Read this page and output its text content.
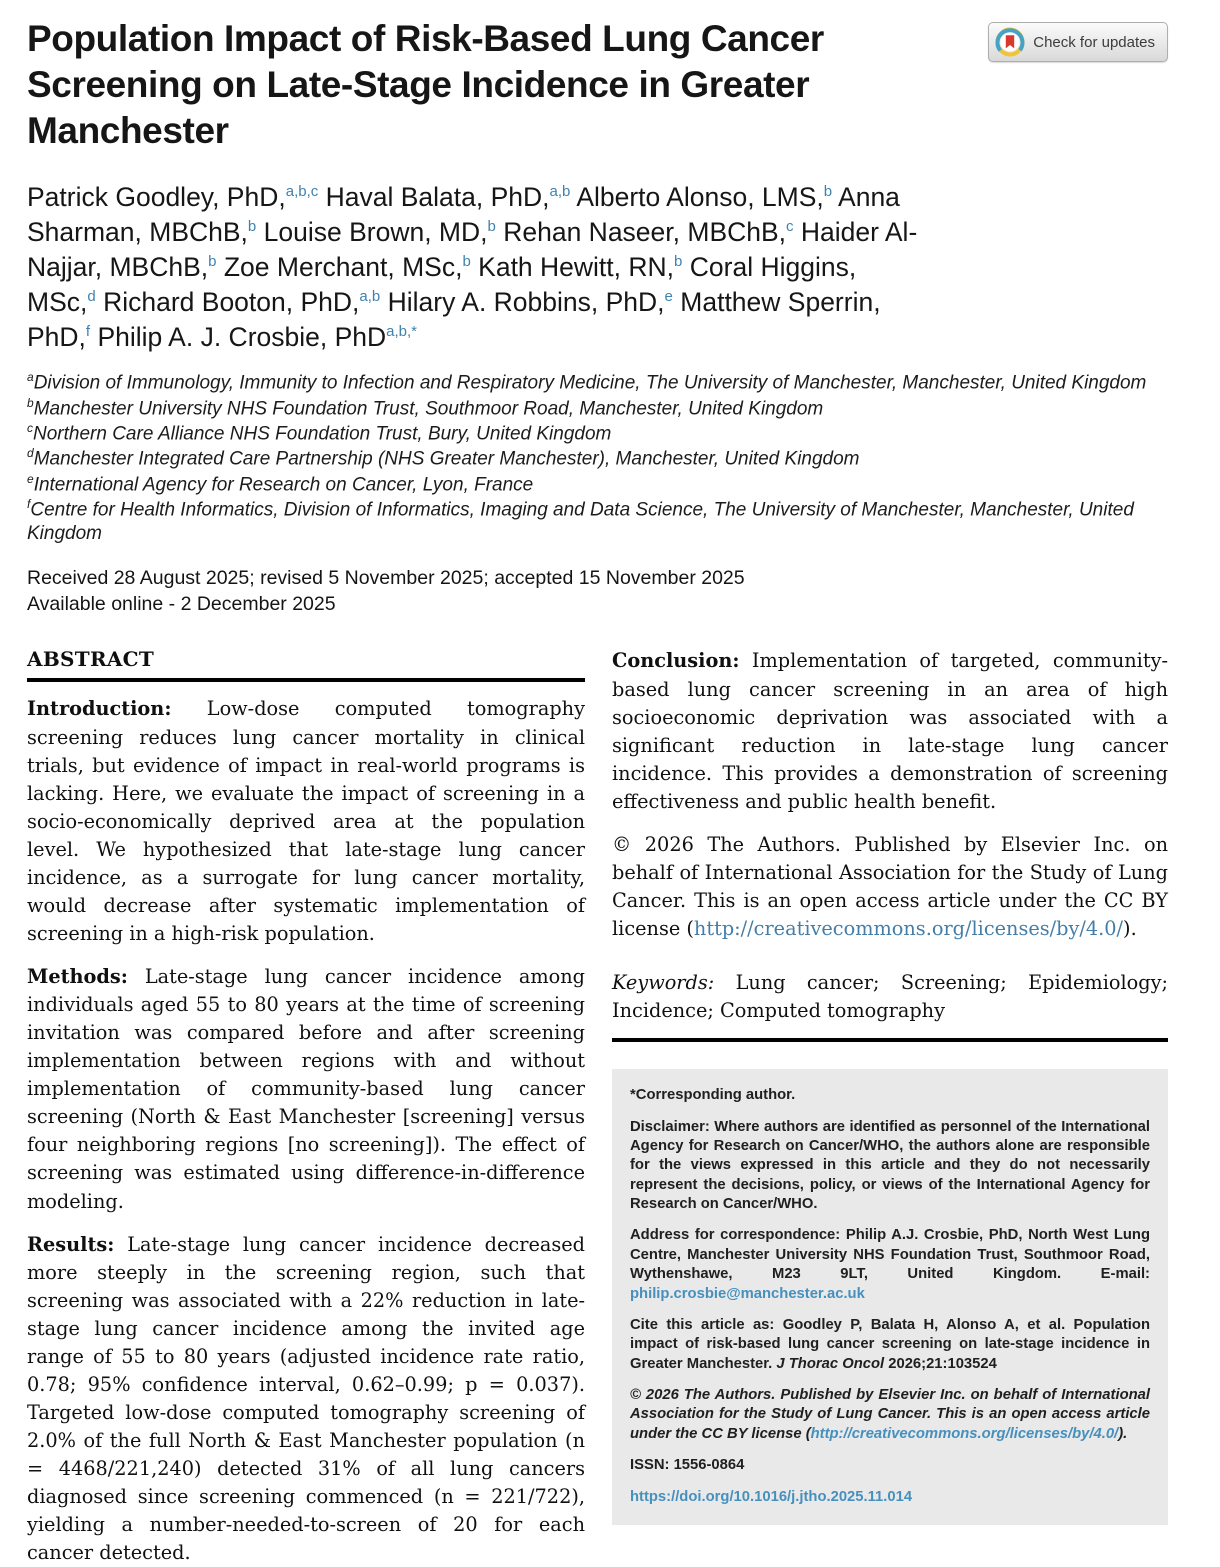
Population Impact of Risk-Based Lung Cancer Screening on Late-Stage Incidence in Greater Manchester
Check for updates
Patrick Goodley, PhD,$^{a,b,c}$ Haval Balata, PhD,$^{a,b}$ Alberto Alonso, LMS,$^b$ Anna Sharman, MBChB,$^b$ Louise Brown, MD,$^b$ Rehan Naseer, MBChB,$^c$ Haider Al-Najjar, MBChB,$^b$ Zoe Merchant, MSc,$^b$ Kath Hewitt, RN,$^b$ Coral Higgins, MSc,$^d$ Richard Booton, PhD,$^{a,b}$ Hilary A. Robbins, PhD,$^e$ Matthew Sperrin, PhD,$^f$ Philip A. J. Crosbie, PhD$^{a,b,*}$
$^a$Division of Immunology, Immunity to Infection and Respiratory Medicine, The University of Manchester, Manchester, United Kingdom
$^b$Manchester University NHS Foundation Trust, Southmoor Road, Manchester, United Kingdom
$^c$Northern Care Alliance NHS Foundation Trust, Bury, United Kingdom
$^d$Manchester Integrated Care Partnership (NHS Greater Manchester), Manchester, United Kingdom
$^e$International Agency for Research on Cancer, Lyon, France
$^f$Centre for Health Informatics, Division of Informatics, Imaging and Data Science, The University of Manchester, Manchester, United Kingdom
Received 28 August 2025; revised 5 November 2025; accepted 15 November 2025
Available online - 2 December 2025
ABSTRACT

Introduction: Low-dose computed tomography screening reduces lung cancer mortality in clinical trials, but evidence of impact in real-world programs is lacking. Here, we evaluate the impact of screening in a socio-economically deprived area at the population level. We hypothesized that late-stage lung cancer incidence, as a surrogate for lung cancer mortality, would decrease after systematic implementation of screening in a high-risk population.

Methods: Late-stage lung cancer incidence among individuals aged 55 to 80 years at the time of screening invitation was compared before and after screening implementation between regions with and without implementation of community-based lung cancer screening (North & East Manchester [screening] versus four neighboring regions [no screening]). The effect of screening was estimated using difference-in-difference modeling.

Results: Late-stage lung cancer incidence decreased more steeply in the screening region, such that screening was associated with a 22% reduction in late-stage lung cancer incidence among the invited age range of 55 to 80 years (adjusted incidence rate ratio, 0.78; 95% confidence interval, 0.62–0.99; p = 0.037). Targeted low-dose computed tomography screening of 2.0% of the full North & East Manchester population (n = 4468/221,240) detected 31% of all lung cancers diagnosed since screening commenced (n = 221/722), yielding a number-needed-to-screen of 20 for each cancer detected.

Conclusion: Implementation of targeted, community-based lung cancer screening in an area of high socioeconomic deprivation was associated with a significant reduction in late-stage lung cancer incidence. This provides a demonstration of screening effectiveness and public health benefit.

© 2026 The Authors. Published by Elsevier Inc. on behalf of International Association for the Study of Lung Cancer. This is an open access article under the CC BY license (http://creativecommons.org/licenses/by/4.0/).

Keywords: Lung cancer; Screening; Epidemiology; Incidence; Computed tomography

*Corresponding author.

Disclaimer: Where authors are identified as personnel of the International Agency for Research on Cancer/WHO, the authors alone are responsible for the views expressed in this article and they do not necessarily represent the decisions, policy, or views of the International Agency for Research on Cancer/WHO.

Address for correspondence: Philip A.J. Crosbie, PhD, North West Lung Centre, Manchester University NHS Foundation Trust, Southmoor Road, Wythenshawe, M23 9LT, United Kingdom. E-mail: philip.crosbie@manchester.ac.uk

Cite this article as: Goodley P, Balata H, Alonso A, et al. Population impact of risk-based lung cancer screening on late-stage incidence in Greater Manchester. J Thorac Oncol 2026;21:103524

© 2026 The Authors. Published by Elsevier Inc. on behalf of International Association for the Study of Lung Cancer. This is an open access article under the CC BY license (http://creativecommons.org/licenses/by/4.0/).

ISSN: 1556-0864

https://doi.org/10.1016/j.jtho.2025.11.014
